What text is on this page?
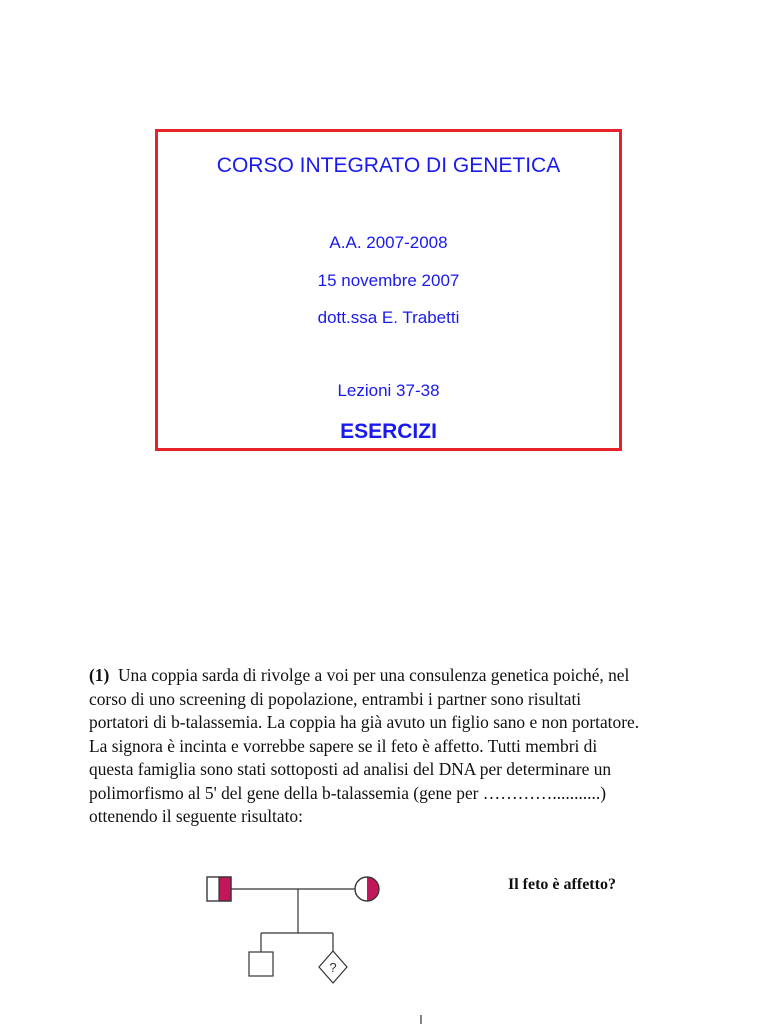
CORSO INTEGRATO DI GENETICA
A.A. 2007-2008
15 novembre 2007
dott.ssa E. Trabetti
Lezioni 37-38
ESERCIZI

(1) Una coppia sarda di rivolge a voi per una consulenza genetica poiché, nel

corso di uno screening di popolazione, entrambi i partner sono risultati

portatori di b-talassemia. La coppia ha già avuto un figlio sano e non portatore.

La signora è incinta e vorrebbe sapere se il feto è affetto. Tutti membri di

questa famiglia sono stati sottoposti ad analisi del DNA per determinare un

polimorfismo al 5' del gene della b-talassemia (gene per …………...........)

ottenendo il seguente risultato:

?
Il feto è affetto?
